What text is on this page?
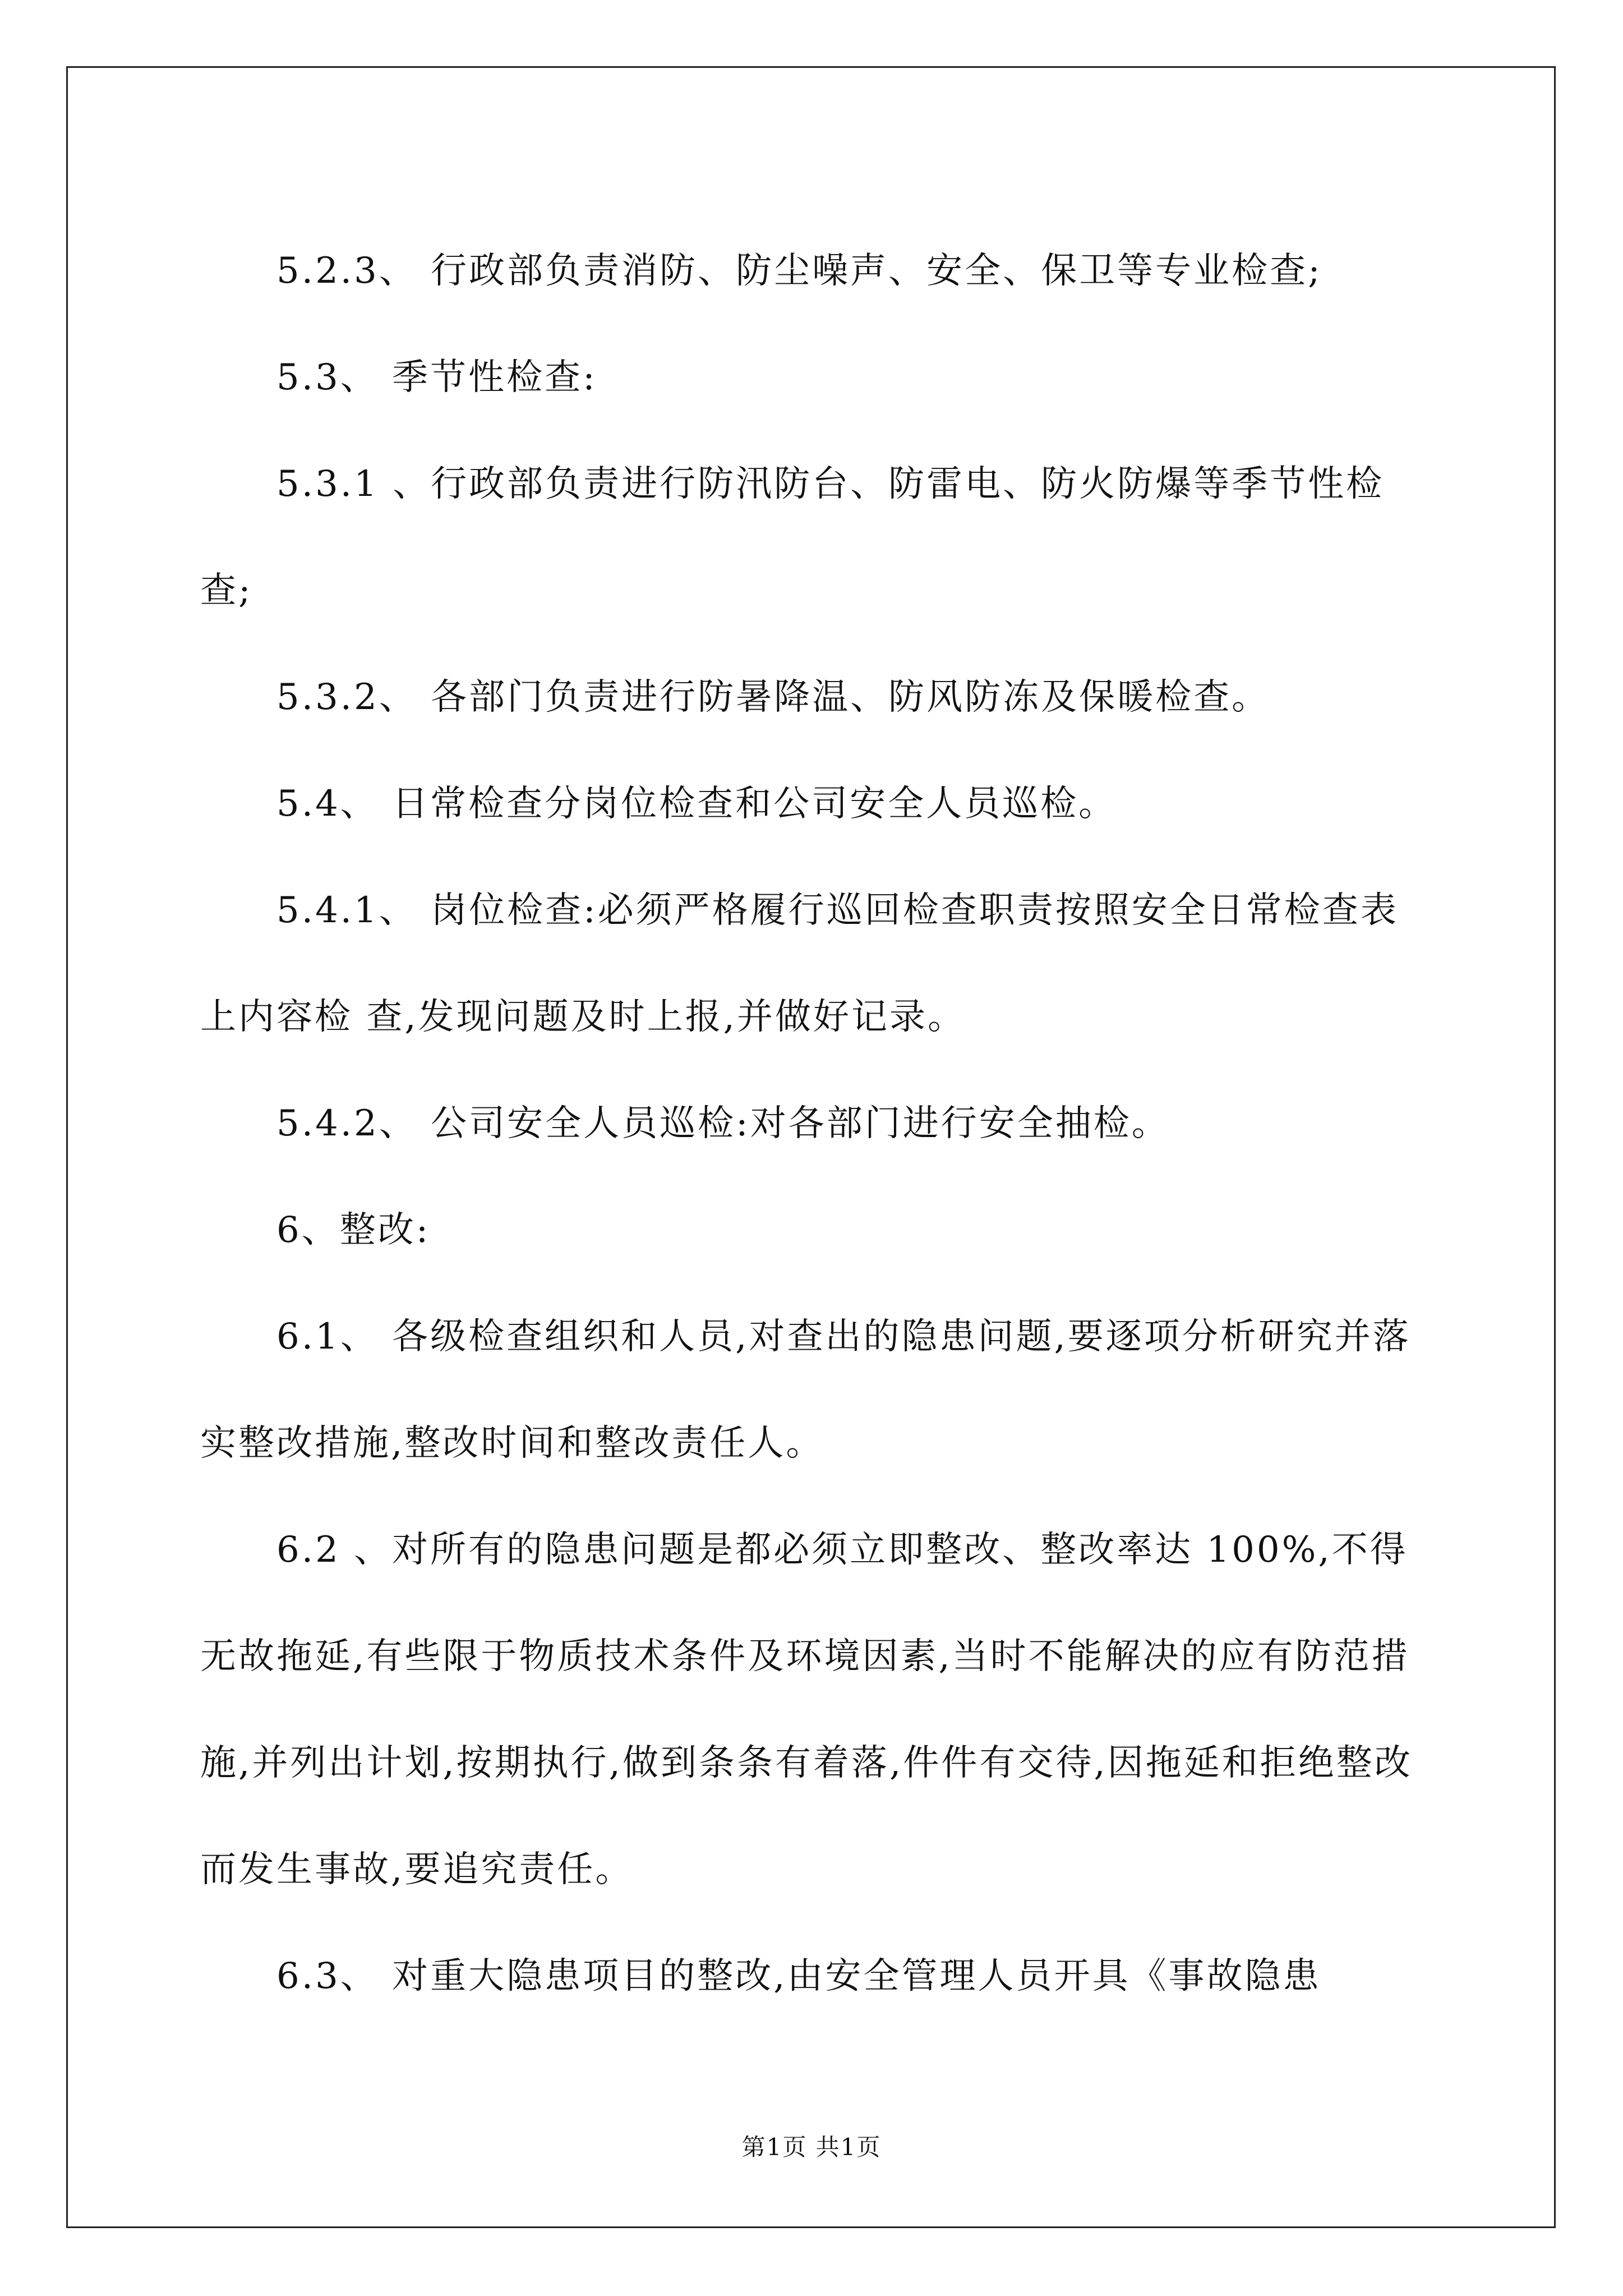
5.2.3、 行政部负责消防、防尘噪声、安全、保卫等专业检查;

5.3、 季节性检查:

5.3.1 、行政部负责进行防汛防台、防雷电、防火防爆等季节性检查;

5.3.2、 各部门负责进行防暑降温、防风防冻及保暖检查。

5.4、 日常检查分岗位检查和公司安全人员巡检。

5.4.1、 岗位检查:必须严格履行巡回检查职责按照安全日常检查表上内容检 查,发现问题及时上报,并做好记录。

5.4.2、 公司安全人员巡检:对各部门进行安全抽检。

6、整改:

6.1、 各级检查组织和人员,对查出的隐患问题,要逐项分析研究并落实整改措施,整改时间和整改责任人。

6.2 、对所有的隐患问题是都必须立即整改、整改率达 100%,不得无故拖延,有些限于物质技术条件及环境因素,当时不能解决的应有防范措施,并列出计划,按期执行,做到条条有着落,件件有交待,因拖延和拒绝整改而发生事故,要追究责任。

6.3、 对重大隐患项目的整改,由安全管理人员开具《事故隐患

第1页 共1页
